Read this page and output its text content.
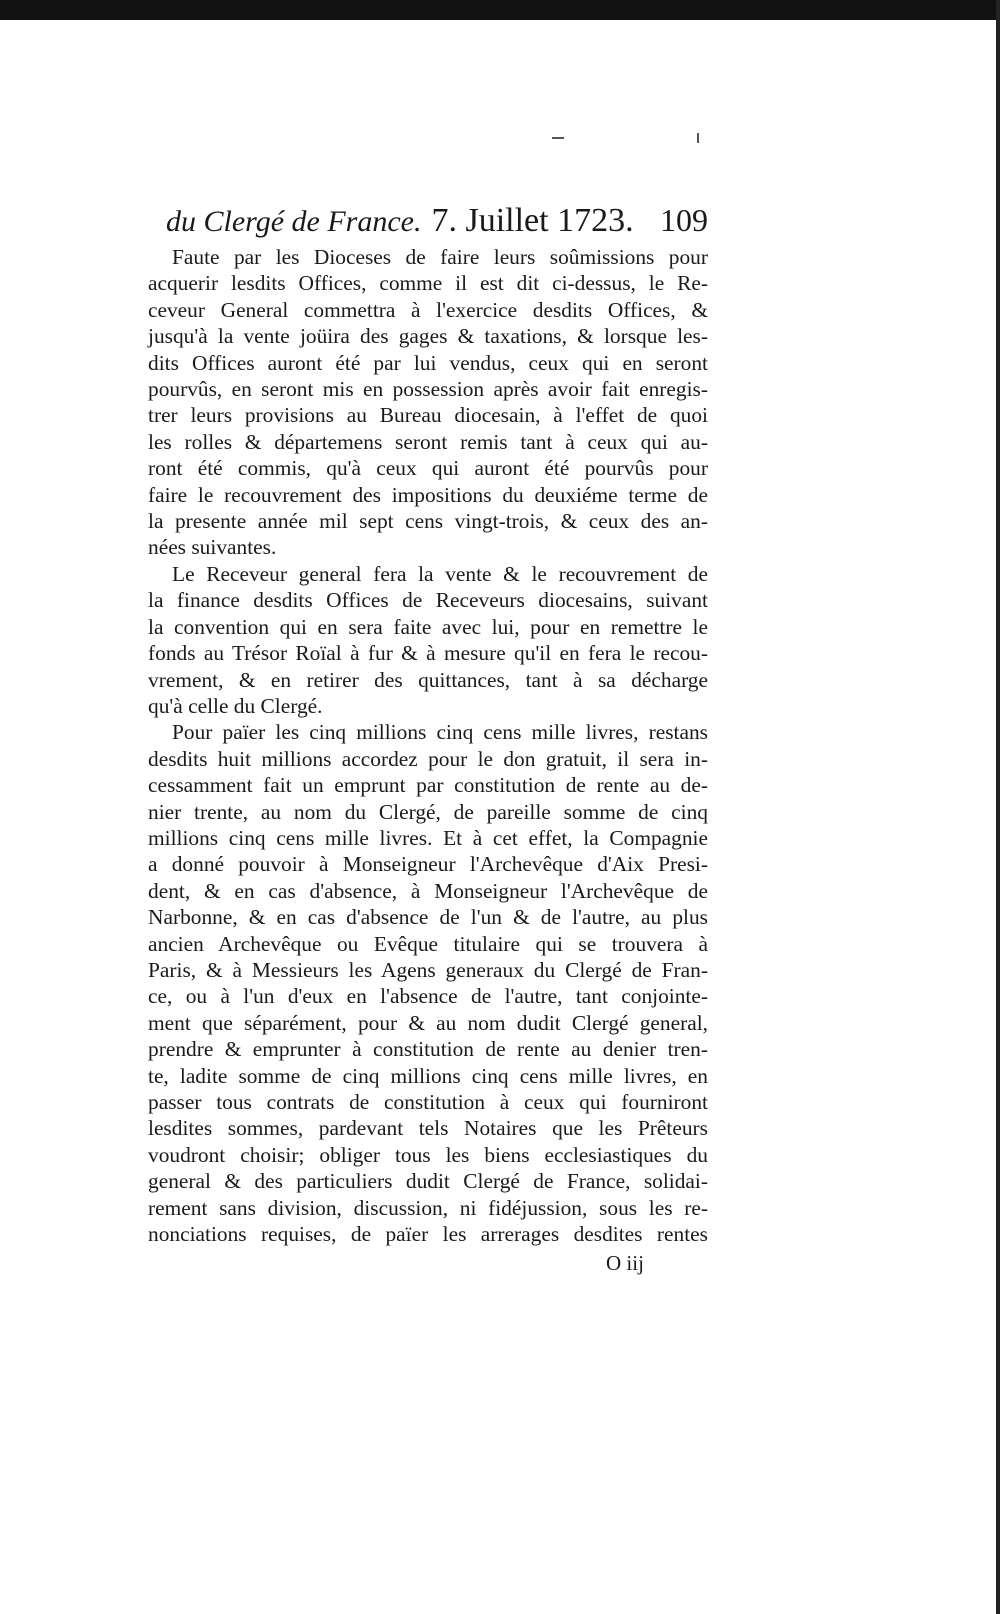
du Clergé de France. 7. Juillet 1723. 109

Faute par les Dioceses de faire leurs soûmissions pour
acquerir lesdits Offices, comme il est dit ci-dessus, le Re-
ceveur General commettra à l'exercice desdits Offices, &
jusqu'à la vente joüira des gages & taxations, & lorsque les-
dits Offices auront été par lui vendus, ceux qui en seront
pourvûs, en seront mis en possession après avoir fait enregis-
trer leurs provisions au Bureau diocesain, à l'effet de quoi
les rolles & départemens seront remis tant à ceux qui au-
ront été commis, qu'à ceux qui auront été pourvûs pour
faire le recouvrement des impositions du deuxiéme terme de
la presente année mil sept cens vingt-trois, & ceux des an-
nées suivantes.

Le Receveur general fera la vente & le recouvrement de
la finance desdits Offices de Receveurs diocesains, suivant
la convention qui en sera faite avec lui, pour en remettre le
fonds au Trésor Roïal à fur & à mesure qu'il en fera le recou-
vrement, & en retirer des quittances, tant à sa décharge
qu'à celle du Clergé.

Pour païer les cinq millions cinq cens mille livres, restans
desdits huit millions accordez pour le don gratuit, il sera in-
cessamment fait un emprunt par constitution de rente au de-
nier trente, au nom du Clergé, de pareille somme de cinq
millions cinq cens mille livres. Et à cet effet, la Compagnie
a donné pouvoir à Monseigneur l'Archevêque d'Aix Presi-
dent, & en cas d'absence, à Monseigneur l'Archevêque de
Narbonne, & en cas d'absence de l'un & de l'autre, au plus
ancien Archevêque ou Evêque titulaire qui se trouvera à
Paris, & à Messieurs les Agens generaux du Clergé de Fran-
ce, ou à l'un d'eux en l'absence de l'autre, tant conjointe-
ment que séparément, pour & au nom dudit Clergé general,
prendre & emprunter à constitution de rente au denier tren-
te, ladite somme de cinq millions cinq cens mille livres, en
passer tous contrats de constitution à ceux qui fourniront
lesdites sommes, pardevant tels Notaires que les Prêteurs
voudront choisir; obliger tous les biens ecclesiastiques du
general & des particuliers dudit Clergé de France, solidai-
rement sans division, discussion, ni fidéjussion, sous les re-
nonciations requises, de païer les arrerages desdites rentes

O iij
